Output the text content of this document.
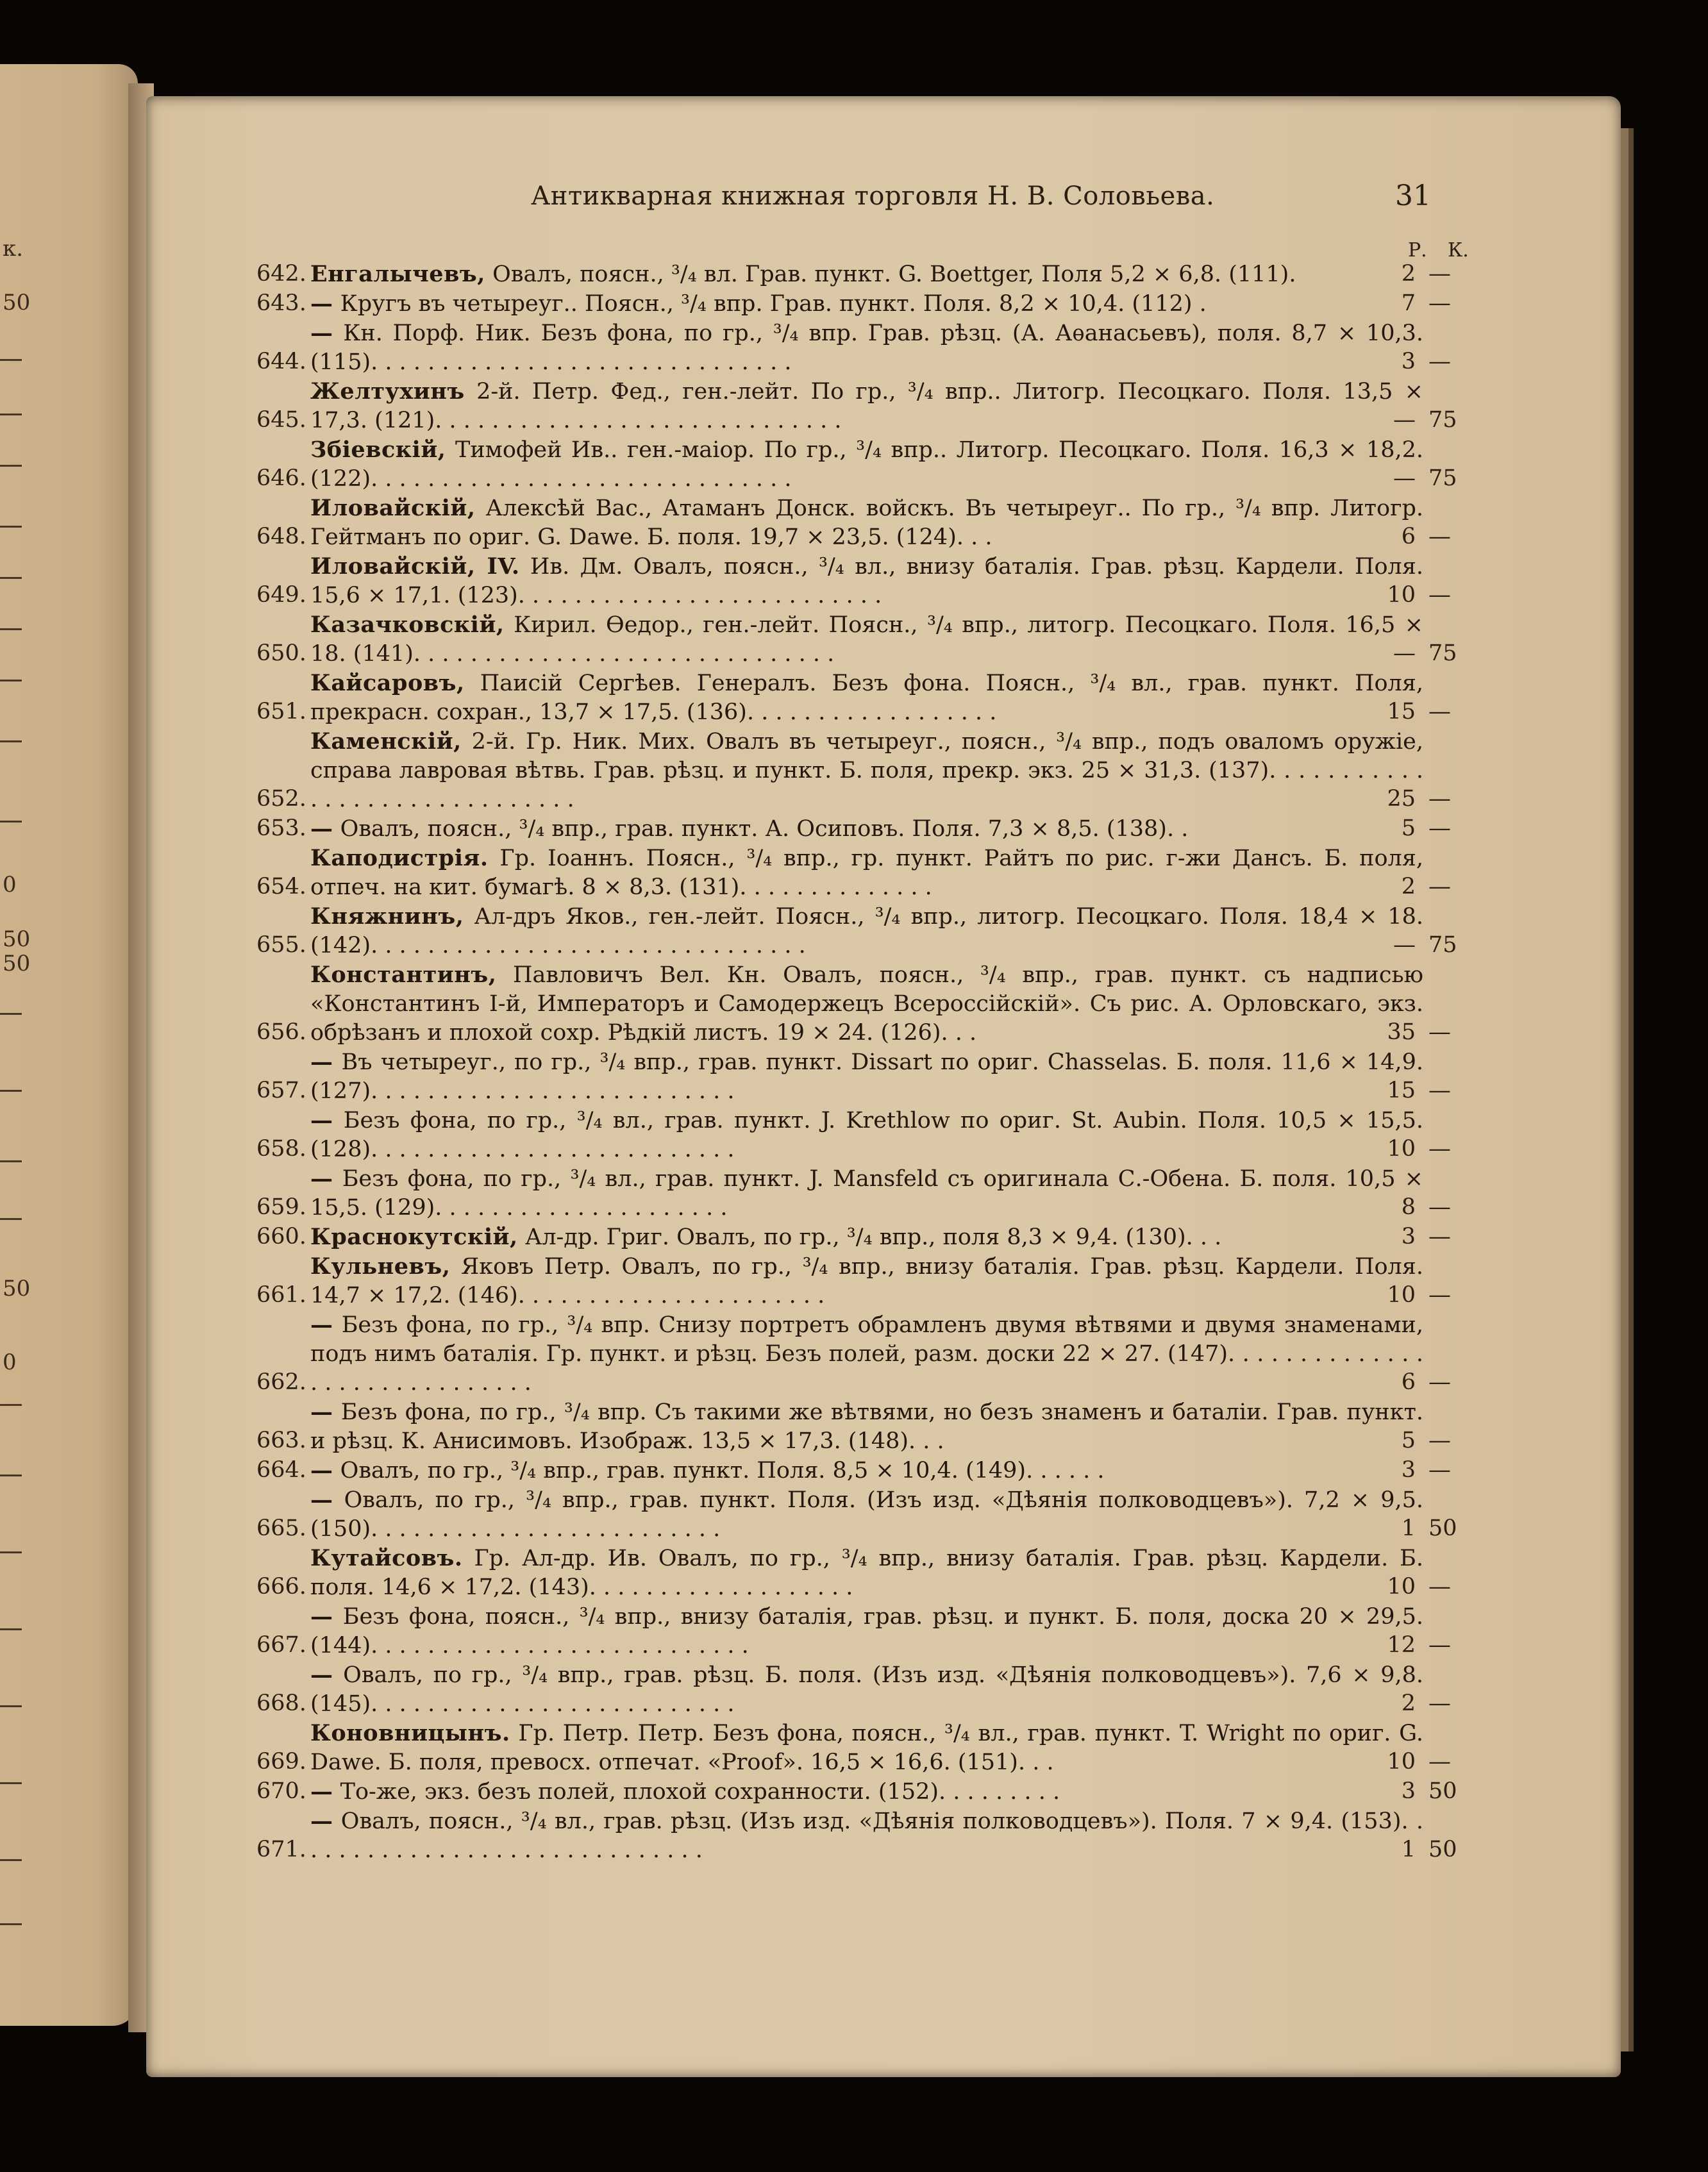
к.
50
0
50
50
50
0
Антикварная книжная торговля Н. В. Соловьева.	31
Р. К.
642. Енгалычевъ, Овалъ, поясн., ³/₄ вл. Грав. пункт. G. Boettger, Поля 5,2 × 6,8. (111).	2 —
643. — Кругъ въ четыреуг.. Поясн., ³/₄ впр. Грав. пункт. Поля. 8,2 × 10,4. (112) .	7 —
644.
— Кн. Порф. Ник. Безъ фона, по гр., ³/₄ впр. Грав. рѣзц. (А. Аѳанасьевъ), поля. 8,7 × 10,3. (115). . . . . . . . . . . . . . . . . . . . . . . . . . . . . .	3 —
645.
Желтухинъ 2-й. Петр. Фед., ген.-лейт. По гр., ³/₄ впр.. Литогр. Песоцкаго. Поля. 13,5 × 17,3. (121). . . . . . . . . . . . . . . . . . . . . . . . . . . . .	— 75
646.
Збіевскій, Тимофей Ив.. ген.-маіор. По гр., ³/₄ впр.. Литогр. Песоцкаго. Поля. 16,3 × 18,2. (122). . . . . . . . . . . . . . . . . . . . . . . . . . . . . .	— 75
648.
Иловайскій, Алексѣй Вас., Атаманъ Донск. войскъ. Въ четыреуг.. По гр., ³/₄ впр. Литогр. Гейтманъ по ориг. G. Dawe. Б. поля. 19,7 × 23,5. (124). . .	6 —
649.
Иловайскій, IV. Ив. Дм. Овалъ, поясн., ³/₄ вл., внизу баталія. Грав. рѣзц. Кардели. Поля. 15,6 × 17,1. (123). . . . . . . . . . . . . . . . . . . . . . . . . .	10 —
650.
Казачковскій, Кирил. Ѳедор., ген.-лейт. Поясн., ³/₄ впр., литогр. Песоцкаго. Поля. 16,5 × 18. (141). . . . . . . . . . . . . . . . . . . . . . . . . . . . . .	— 75
651.
Кайсаровъ, Паисій Сергѣев. Генералъ. Безъ фона. Поясн., ³/₄ вл., грав. пункт. Поля, прекрасн. сохран., 13,7 × 17,5. (136). . . . . . . . . . . . . . . . . .	15 —
652.
Каменскій, 2-й. Гр. Ник. Мих. Овалъ въ четыреуг., поясн., ³/₄ впр., подъ оваломъ оружіе, справа лавровая вѣтвь. Грав. рѣзц. и пункт. Б. поля, прекр. экз. 25 × 31,3. (137). . . . . . . . . . . . . . . . . . . . . . . . . . . . . .	25 —
653. — Овалъ, поясн., ³/₄ впр., грав. пункт. А. Осиповъ. Поля. 7,3 × 8,5. (138). .	5 —
654.
Каподистрія. Гр. Іоаннъ. Поясн., ³/₄ впр., гр. пункт. Райтъ по рис. г-жи Дансъ. Б. поля, отпеч. на кит. бумагѣ. 8 × 8,3. (131). . . . . . . . . . . . . .	2 —
655.
Княжнинъ, Ал-дръ Яков., ген.-лейт. Поясн., ³/₄ впр., литогр. Песоцкаго. Поля. 18,4 × 18. (142). . . . . . . . . . . . . . . . . . . . . . . . . . . . . . .	— 75
656.
Константинъ, Павловичъ Вел. Кн. Овалъ, поясн., ³/₄ впр., грав. пункт. съ надписью «Константинъ І-й, Императоръ и Самодержецъ Всероссійскій». Съ рис. А. Орловскаго, экз. обрѣзанъ и плохой сохр. Рѣдкій листъ. 19 × 24. (126). . .	35 —
657.
— Въ четыреуг., по гр., ³/₄ впр., грав. пункт. Dissart по ориг. Chasselas. Б. поля. 11,6 × 14,9. (127). . . . . . . . . . . . . . . . . . . . . . . . . .	15 —
658.
— Безъ фона, по гр., ³/₄ вл., грав. пункт. J. Krethlow по ориг. St. Aubin. Поля. 10,5 × 15,5. (128). . . . . . . . . . . . . . . . . . . . . . . . . .	10 —
659.
— Безъ фона, по гр., ³/₄ вл., грав. пункт. J. Mansfeld съ оригинала С.-Обена. Б. поля. 10,5 × 15,5. (129). . . . . . . . . . . . . . . . . . . . .	8 —
660. Краснокутскій, Ал-др. Григ. Овалъ, по гр., ³/₄ впр., поля 8,3 × 9,4. (130). . .	3 —
661.
Кульневъ, Яковъ Петр. Овалъ, по гр., ³/₄ впр., внизу баталія. Грав. рѣзц. Кардели. Поля. 14,7 × 17,2. (146). . . . . . . . . . . . . . . . . . . . . .	10 —
662.
— Безъ фона, по гр., ³/₄ впр. Снизу портретъ обрамленъ двумя вѣтвями и двумя знаменами, подъ нимъ баталія. Гр. пункт. и рѣзц. Безъ полей, разм. доски 22 × 27. (147). . . . . . . . . . . . . . . . . . . . . . . . . . . . . .	6 —
663.
— Безъ фона, по гр., ³/₄ впр. Съ такими же вѣтвями, но безъ знаменъ и баталіи. Грав. пункт. и рѣзц. К. Анисимовъ. Изображ. 13,5 × 17,3. (148). . .	5 —
664. — Овалъ, по гр., ³/₄ впр., грав. пункт. Поля. 8,5 × 10,4. (149). . . . . .	3 —
665.
— Овалъ, по гр., ³/₄ впр., грав. пункт. Поля. (Изъ изд. «Дѣянія полководцевъ»). 7,2 × 9,5. (150). . . . . . . . . . . . . . . . . . . . . . . . .	1 50
666.
Кутайсовъ. Гр. Ал-др. Ив. Овалъ, по гр., ³/₄ впр., внизу баталія. Грав. рѣзц. Кардели. Б. поля. 14,6 × 17,2. (143). . . . . . . . . . . . . . . . . . .	10 —
667.
— Безъ фона, поясн., ³/₄ впр., внизу баталія, грав. рѣзц. и пункт. Б. поля, доска 20 × 29,5. (144). . . . . . . . . . . . . . . . . . . . . . . . . . .	12 —
668.
— Овалъ, по гр., ³/₄ впр., грав. рѣзц. Б. поля. (Изъ изд. «Дѣянія полководцевъ»). 7,6 × 9,8. (145). . . . . . . . . . . . . . . . . . . . . . . . . .	2 —
669.
Коновницынъ. Гр. Петр. Петр. Безъ фона, поясн., ³/₄ вл., грав. пункт. T. Wright по ориг. G. Dawe. Б. поля, превосх. отпечат. «Proof». 16,5 × 16,6. (151). . .	10 —
670. — То-же, экз. безъ полей, плохой сохранности. (152). . . . . . . . .	3 50
671.
— Овалъ, поясн., ³/₄ вл., грав. рѣзц. (Изъ изд. «Дѣянія полководцевъ»). Поля. 7 × 9,4. (153). . . . . . . . . . . . . . . . . . . . . . . . . . . . . .	1 50
